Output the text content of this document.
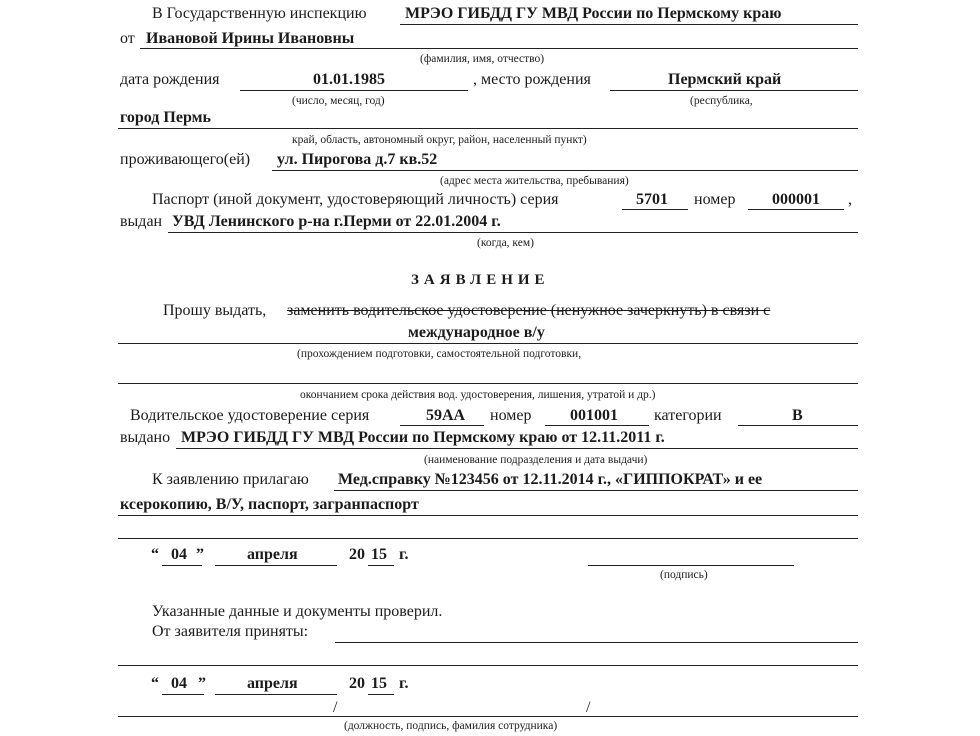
В Государственную инспекцию МРЭО ГИБДД ГУ МВД России по Пермскому краю
от Ивановой Ирины Ивановны
(фамилия, имя, отчество)
дата рождения	01.01.1985	, место рождения	Пермский край
(число, месяц, год)	(республика,
город Пермь
край, область, автономный округ, район, населенный пункт)
проживающего(ей) ул. Пирогова д.7 кв.52
(адрес места жительства, пребывания)
Паспорт (иной документ, удостоверяющий личность) серия	5701 номер 000001 ,
выдан УВД Ленинского р-на г.Перми от 22.01.2004 г.
(когда, кем)
ЗАЯВЛЕНИЕ
Прошу выдать, заменить водительское удостоверение (ненужное зачеркнуть) в связи с
международное в/у
(прохождением подготовки, самостоятельной подготовки,
окончанием срока действия вод. удостоверения, лишения, утратой и др.)
Водительское удостоверение серия	59АА номер 001001 категории	В
выдано МРЭО ГИБДД ГУ МВД России по Пермскому краю от 12.11.2011 г.
(наименование подразделения и дата выдачи)
К заявлению прилагаю Мед.справку №123456 от 12.11.2014 г., «ГИППОКРАТ» и ее
ксерокопию, В/У, паспорт, загранпаспорт
“ 04 ”	апреля	20 15 г.
(подпись)
Указанные данные и документы проверил.
От заявителя приняты:
“ 04 ”	апреля	20 15 г.
/	/
(должность, подпись, фамилия сотрудника)
